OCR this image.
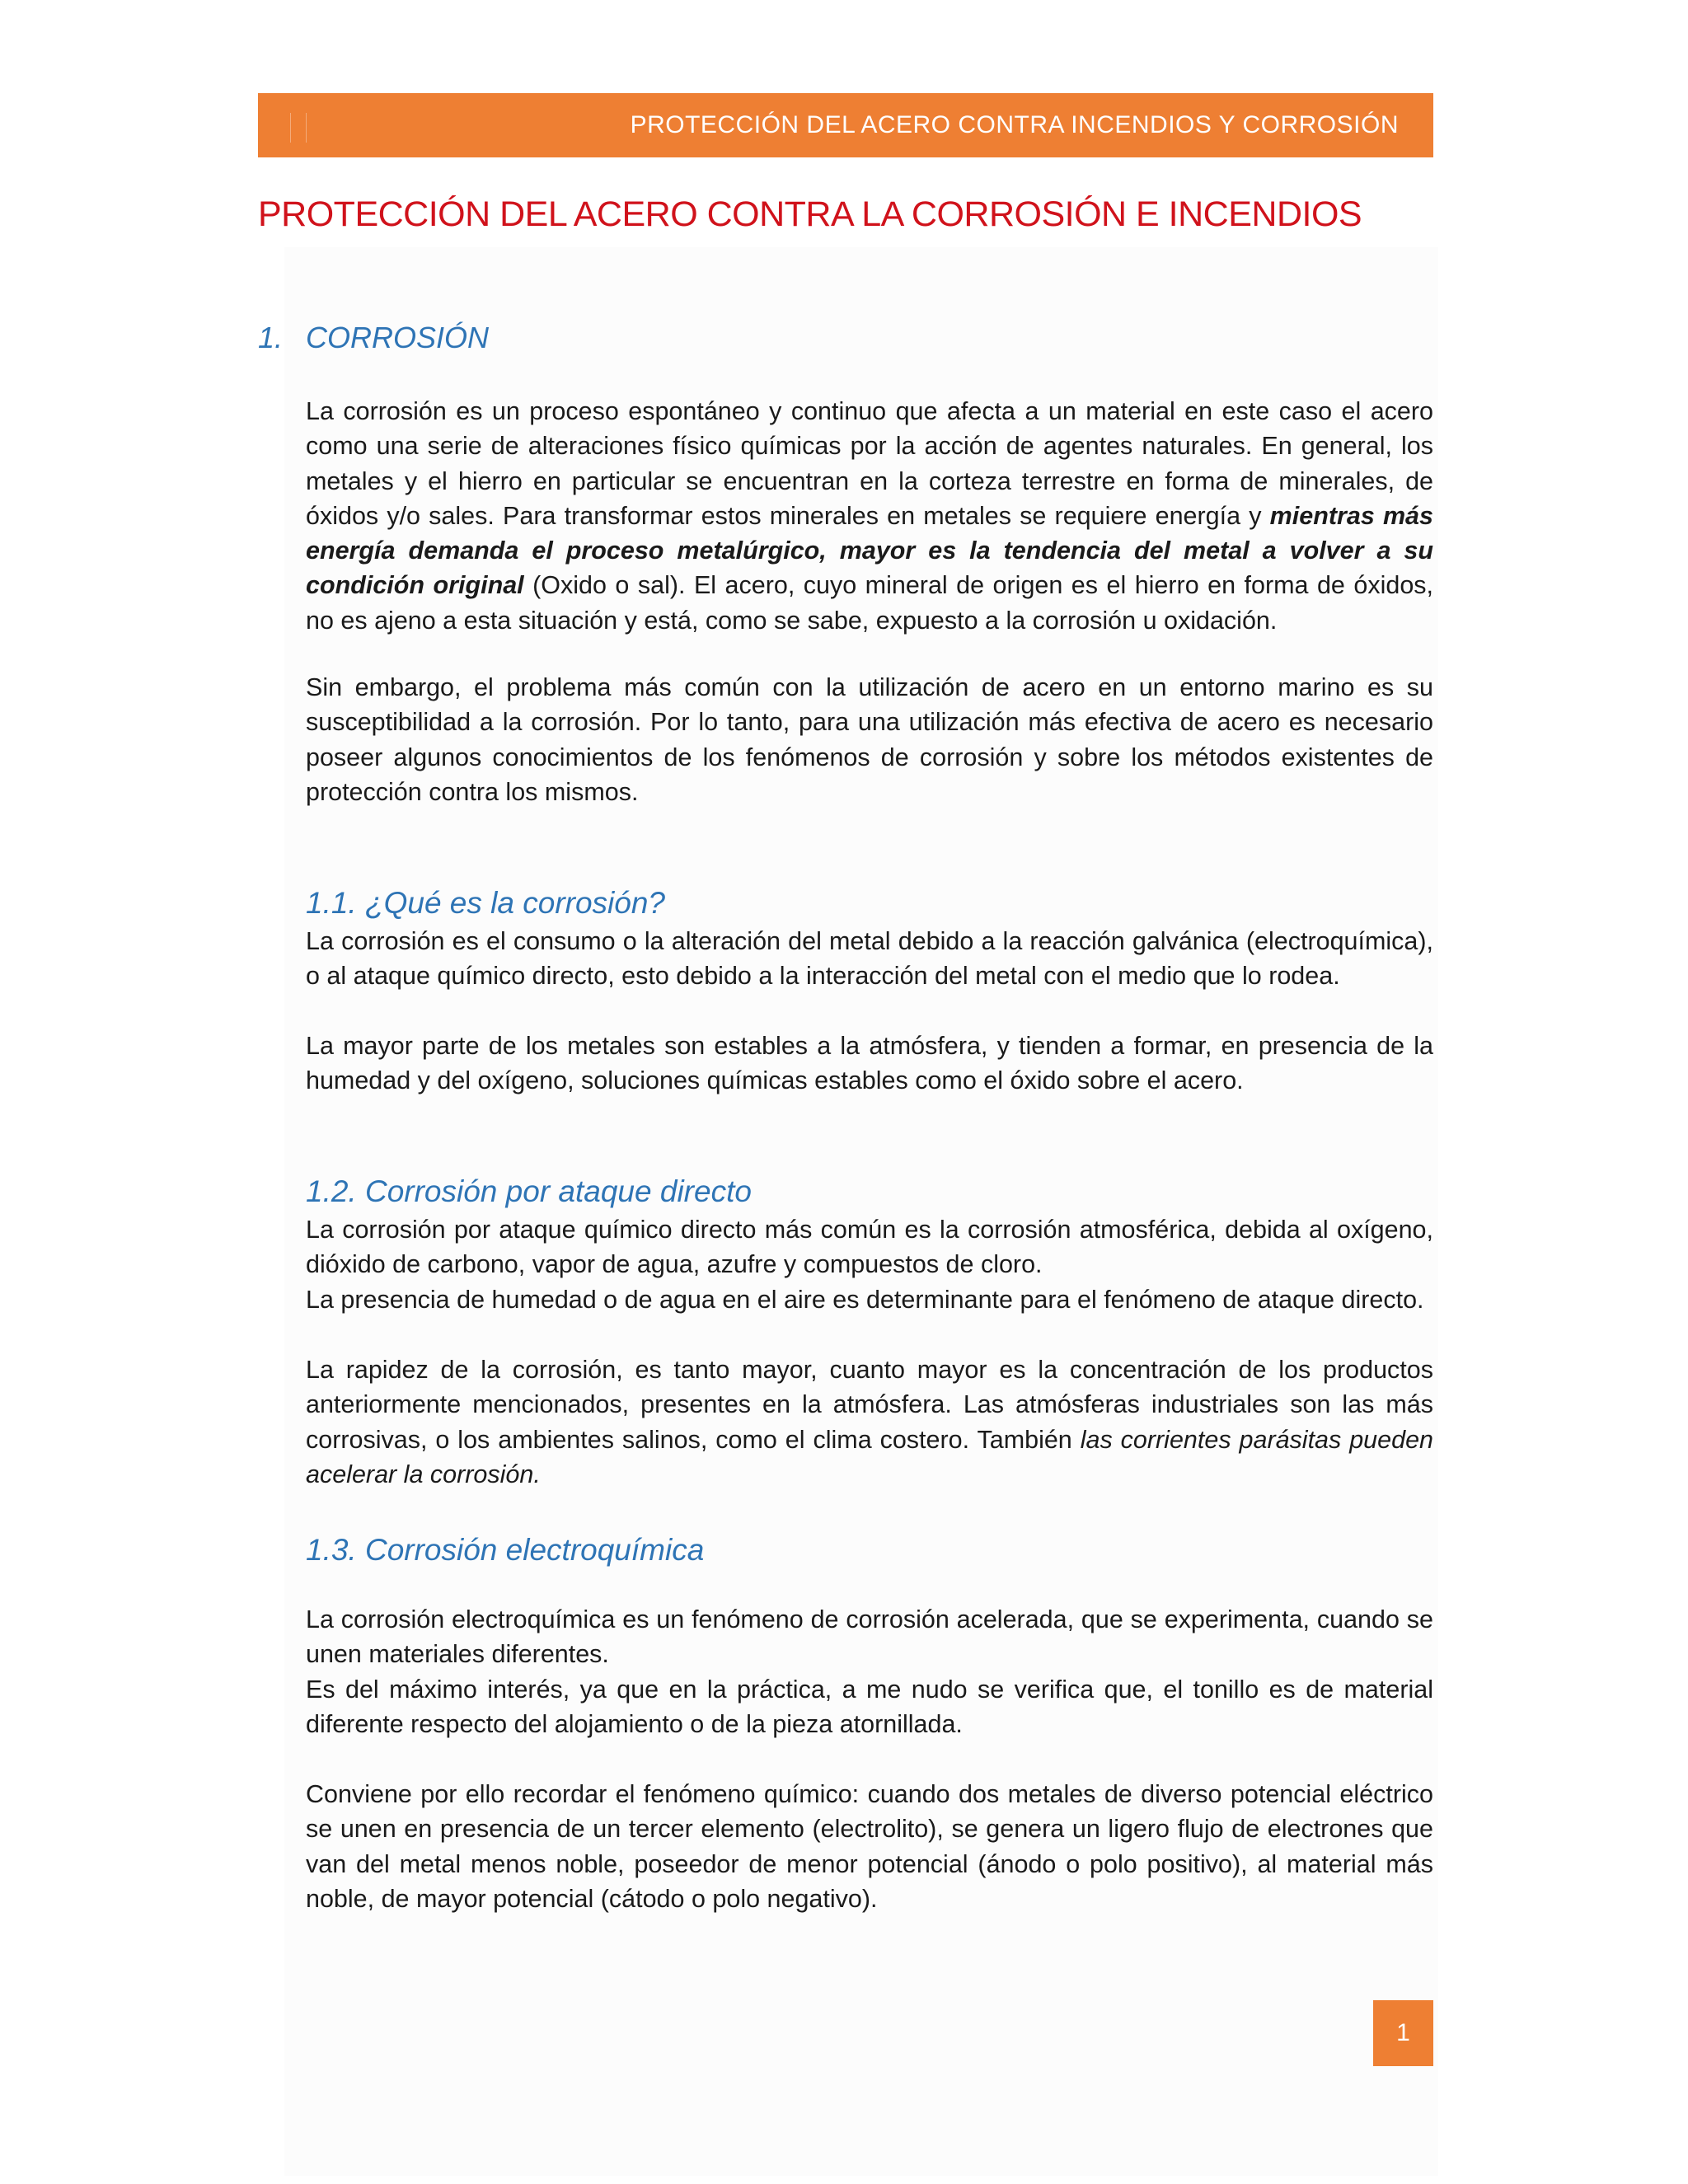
PROTECCIÓN DEL ACERO CONTRA INCENDIOS Y CORROSIÓN
PROTECCIÓN DEL ACERO CONTRA LA CORROSIÓN E INCENDIOS
1. CORROSIÓN

La corrosión es un proceso espontáneo y continuo que afecta a un material en este caso el acero como una serie de alteraciones físico químicas por la acción de agentes naturales. En general, los metales y el hierro en particular se encuentran en la corteza terrestre en forma de minerales, de óxidos y/o sales. Para transformar estos minerales en metales se requiere energía y mientras más energía demanda el proceso metalúrgico, mayor es la tendencia del metal a volver a su condición original (Oxido o sal). El acero, cuyo mineral de origen es el hierro en forma de óxidos, no es ajeno a esta situación y está, como se sabe, expuesto a la corrosión u oxidación.

Sin embargo, el problema más común con la utilización de acero en un entorno marino es su susceptibilidad a la corrosión. Por lo tanto, para una utilización más efectiva de acero es necesario poseer algunos conocimientos de los fenómenos de corrosión y sobre los métodos existentes de protección contra los mismos.

1.1. ¿Qué es la corrosión?

La corrosión es el consumo o la alteración del metal debido a la reacción galvánica (electroquímica), o al ataque químico directo, esto debido a la interacción del metal con el medio que lo rodea.

La mayor parte de los metales son estables a la atmósfera, y tienden a formar, en presencia de la humedad y del oxígeno, soluciones químicas estables como el óxido sobre el acero.

1.2. Corrosión por ataque directo

La corrosión por ataque químico directo más común es la corrosión atmosférica, debida al oxígeno, dióxido de carbono, vapor de agua, azufre y compuestos de cloro.

La presencia de humedad o de agua en el aire es determinante para el fenómeno de ataque directo.

La rapidez de la corrosión, es tanto mayor, cuanto mayor es la concentración de los productos anteriormente mencionados, presentes en la atmósfera. Las atmósferas industriales son las más corrosivas, o los ambientes salinos, como el clima costero. También las corrientes parásitas pueden acelerar la corrosión.

1.3. Corrosión electroquímica

La corrosión electroquímica es un fenómeno de corrosión acelerada, que se experimenta, cuando se unen materiales diferentes.

Es del máximo interés, ya que en la práctica, a me nudo se verifica que, el tonillo es de material diferente respecto del alojamiento o de la pieza atornillada.

Conviene por ello recordar el fenómeno químico: cuando dos metales de diverso potencial eléctrico se unen en presencia de un tercer elemento (electrolito), se genera un ligero flujo de electrones que van del metal menos noble, poseedor de menor potencial (ánodo o polo positivo), al material más noble, de mayor potencial (cátodo o polo negativo).

1
